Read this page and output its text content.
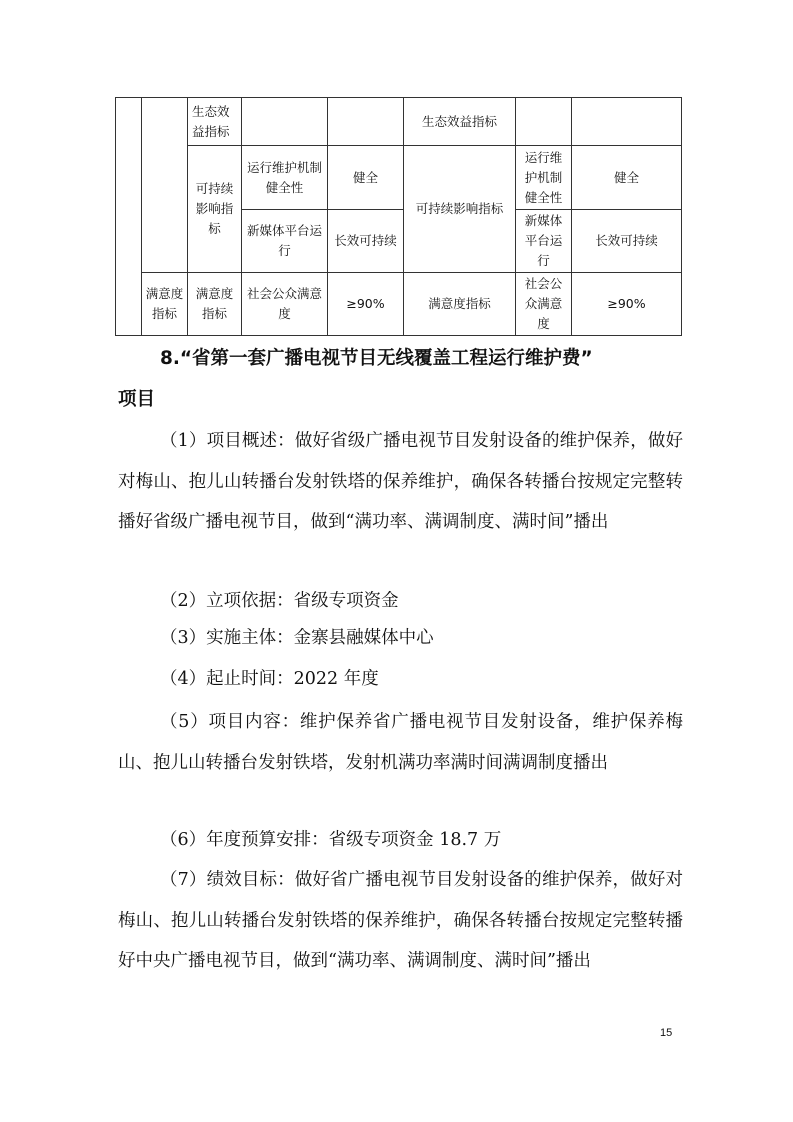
		生态效益指标			生态效益指标		
		可持续影响指标	运行维护机制健全性	健全	可持续影响指标	运行维护机制健全性	健全
			新媒体平台运行	长效可持续		新媒体平台运行	长效可持续
	满意度指标	满意度指标	社会公众满意度	≥90%	满意度指标	社会公众满意度	≥90%

8.“省第一套广播电视节目无线覆盖工程运行维护费”

项目

（1）项目概述：做好省级广播电视节目发射设备的维护保养，做好对梅山、抱儿山转播台发射铁塔的保养维护，确保各转播台按规定完整转播好省级广播电视节目，做到“满功率、满调制度、满时间”播出

（2）立项依据：省级专项资金

（3）实施主体：金寨县融媒体中心

（4）起止时间：2022 年度

（5）项目内容：维护保养省广播电视节目发射设备，维护保养梅山、抱儿山转播台发射铁塔，发射机满功率满时间满调制度播出

（6）年度预算安排：省级专项资金 18.7 万

（7）绩效目标：做好省广播电视节目发射设备的维护保养，做好对梅山、抱儿山转播台发射铁塔的保养维护，确保各转播台按规定完整转播好中央广播电视节目，做到“满功率、满调制度、满时间”播出

15
